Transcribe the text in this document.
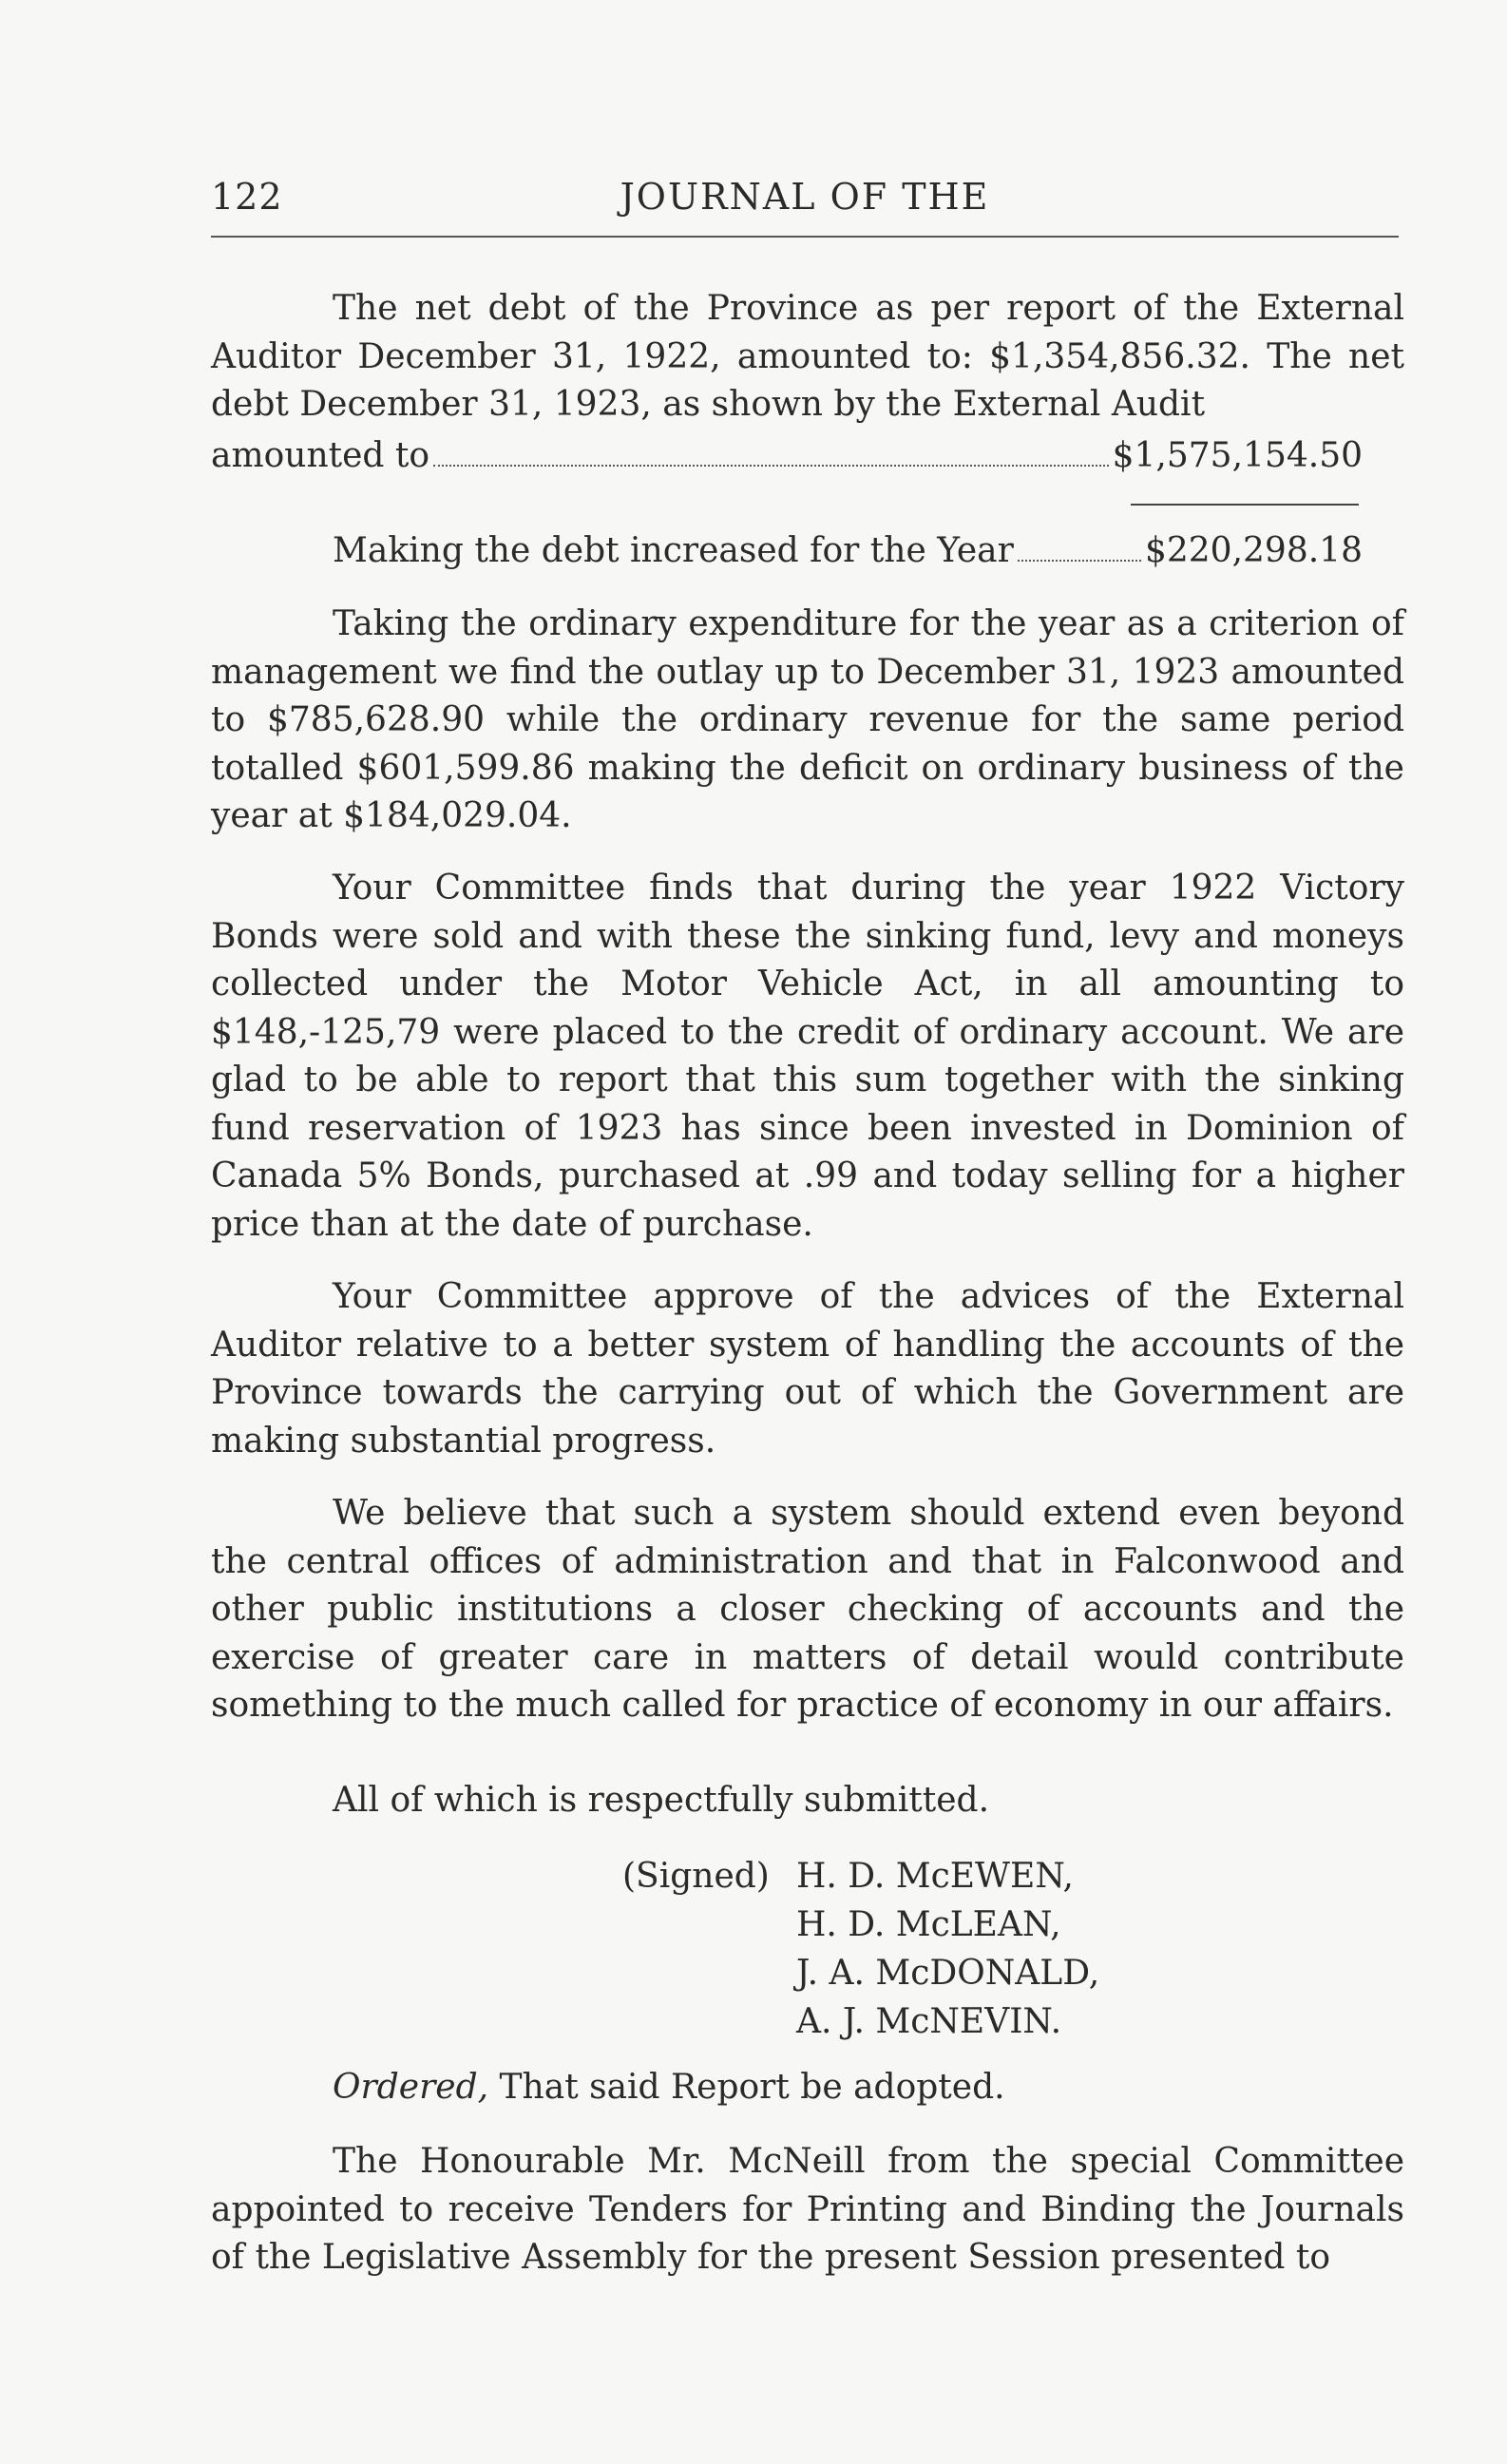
122	JOURNAL OF THE

The net debt of the Province as per report of the External Auditor December 31, 1922, amounted to: $1,354,856.32. The net debt December 31, 1923, as shown by the External Audit

amounted to	$1,575,154.50
Making the debt increased for the Year	$220,298.18

Taking the ordinary expenditure for the year as a criterion of management we find the outlay up to December 31, 1923 amounted to $785,628.90 while the ordinary revenue for the same period totalled $601,599.86 making the deficit on ordinary business of the year at $184,029.04.

Your Committee finds that during the year 1922 Victory Bonds were sold and with these the sinking fund, levy and moneys collected under the Motor Vehicle Act, in all amounting to $148,-125,79 were placed to the credit of ordinary account. We are glad to be able to report that this sum together with the sinking fund reservation of 1923 has since been invested in Dominion of Canada 5% Bonds, purchased at .99 and today selling for a higher price than at the date of purchase.

Your Committee approve of the advices of the External Auditor relative to a better system of handling the accounts of the Province towards the carrying out of which the Government are making substantial progress.

We believe that such a system should extend even beyond the central offices of administration and that in Falconwood and other public institutions a closer checking of accounts and the exercise of greater care in matters of detail would contribute something to the much called for practice of economy in our affairs.

All of which is respectfully submitted.
(Signed) H. D. McEWEN,
H. D. McLEAN,
J. A. McDONALD,
A. J. McNEVIN.
Ordered, That said Report be adopted.

The Honourable Mr. McNeill from the special Committee appointed to receive Tenders for Printing and Binding the Journals of the Legislative Assembly for the present Session presented to
